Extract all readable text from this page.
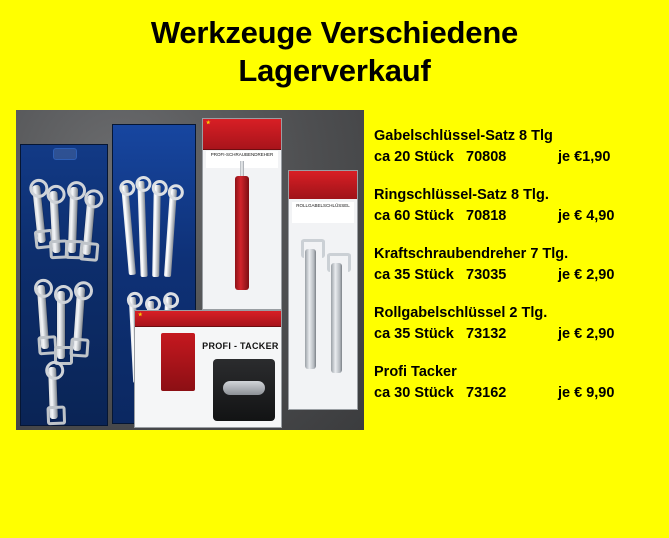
Werkzeuge Verschiedene
Lagerverkauf
★
PROFI-SCHRAUBENDREHER
ROLLGABELSCHLÜSSEL
★
PROFI - TACKER
Gabelschlüssel-Satz 8 Tlg
ca 20 Stück 70808	je €1,90
Ringschlüssel-Satz 8 Tlg.
ca 60 Stück 70818	je € 4,90
Kraftschraubendreher 7 Tlg.
ca 35 Stück 73035	je € 2,90
Rollgabelschlüssel 2 Tlg.
ca 35 Stück 73132	je € 2,90
Profi Tacker
ca 30 Stück 73162	je € 9,90
